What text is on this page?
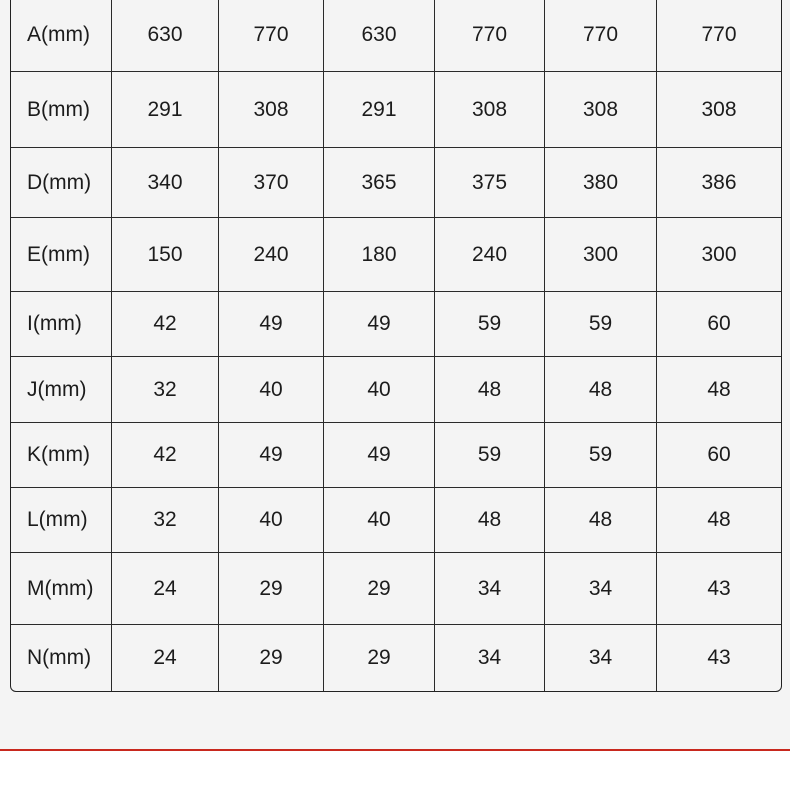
A(mm)	630	770	630	770	770	770
B(mm)	291	308	291	308	308	308
D(mm)	340	370	365	375	380	386
E(mm)	150	240	180	240	300	300
I(mm)	42	49	49	59	59	60
J(mm)	32	40	40	48	48	48
K(mm)	42	49	49	59	59	60
L(mm)	32	40	40	48	48	48
M(mm)	24	29	29	34	34	43
N(mm)	24	29	29	34	34	43
